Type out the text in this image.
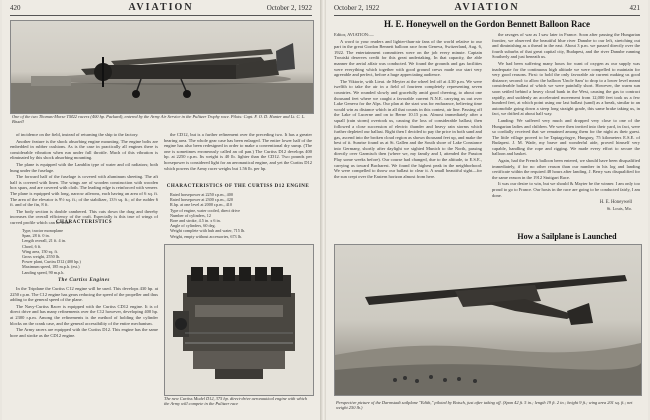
420	AVIATION	October 2, 1922
One of the two Thomas-Morse TM22 racers (400 hp. Packard), entered by the Army Air Service in the Pulitzer Trophy race. Pilots: Capt. F. O. D. Hunter and Lt. C. L. Bissell

of incidence on the field, instead of returning the ship to the factory.

Another feature is the shock absorbing engine mounting. The engine bolts are embedded in rubber cushions. As is the case in practically all engines there is considerable vibration when run under full throttle. Much of this vibration is eliminated by this shock absorbing mounting.

The plane is equipped with the Lamblin type of water and oil radiators; both hung under the fuselage.

The forward half of the fuselage is covered with aluminum sheeting. The aft half is covered with linen. The wings are of wooden construction with wooden box spars, and are covered with cloth. The leading edge is reinforced with veneer. The plane is equipped with long, narrow ailerons, each having an area of 6 sq. ft. The area of the elevator is 9½ sq. ft.; of the stabilizer, 13½ sq. ft.; of the rudder 6 ft. and of the fin, 8 ft.

The body section is double cambered. This cuts down the drag and thereby increases the overall efficiency of the craft. Especially is this true of wings of curved profile which can be seen.

CHARACTERISTICS
Type, tractor monoplane
Span, 28 ft. 0 in.
Length overall, 21 ft. 4 in.
Chord, 6 ft.
Wing area, 150 sq. ft.
Gross weight, 2550 lb.
Power plant, Curtiss D12 (400 hp.)
Maximum speed, 185 m.p.h. (est.)
Landing speed, 90 m.p.h.
The Curtiss Engines

In the Tripdane the Curtiss C12 engine will be used. This develops 430 hp. at 2250 r.p.m. The C12 engine has gears reducing the speed of the propeller and thus adding to the general speed of the plane.

The Navy-Curtiss Racer is equipped with the Curtiss CD12 engine. It is of direct drive and has many refinements over the C12 however, developing 400 hp. at 2300 r.p.m. Among the refinements is the method of holding the cylinder blocks on the crank case, and the general accessibility of the entire mechanism.

The Army racers are equipped with the Curtiss D12. This engine has the same bore and stroke as the CD12 engine.

the CD12, but is a further refinement over the preceding two. It has a greater bearing area. The whole gear case has been enlarged. The entire lower half of the engine has also been redesigned in order to make a conventional dry sump. (The one is sometimes erroneously called an oil pan.) The Curtiss D12 develops 400 hp. at 2250 r.p.m. Its weight is 40 lb. lighter than the CD12. Two pounds per horsepower is considered light for an aeronautical engine, and yet the Curtiss D12 which powers the Army racer weighs but 1.56 lb. per hp.

CHARACTERISTICS OF THE CURTISS D12 ENGINE
Rated horsepower at 2250 r.p.m., 400
Rated horsepower at 2300 r.p.m., 420
R.hp. at one level at 2000 r.p.m., 410
Type of engine, water cooled, direct drive
Number of cylinders, 12
Bore and stroke, 4.5 in. x 6 in.
Angle of cylinders, 60 deg.
Weight complete with hub and water, 715 lb.
Weight, empty without accessories, 673 lb.
The new Curtiss Model D12, 375 hp. direct-drive aeronautical engine with which the Army will compete in the Pulitzer race
October 2, 1922	AVIATION	421
H. E. Honeywell on the Gordon Bennett Balloon Race

Editor, AVIATION:—

A word to your readers and lighter-than-air fans of the world relative to our part in the great Gordon Bennett balloon race from Geneva, Switzerland, Aug. 6, 1922. The entertainment committees were on the job every minute. Captain Troutski deserves credit for this great undertaking. In that capacity, the able manner the aerial affair was conducted. We found the grounds and gas facilities were everything which together with good ground crews made our start very agreeable and perfect, before a huge appreciating audience.

The Viktorie, with Lieut. de Meyter at the wheel led off at 4.30 p.m. We were twelfth to take the air in a field of fourteen completely representing seven countries. We rounded slowly and gracefully amid good cheering, to about one thousand feet where we caught a favorable current N.N.E. carrying us out over Lake Geneva for the Alps. Our plan at the start was for endurance, believing time would win as distance which in all that counts in this contest, air line. Passing off the Lake of Lucerne and on to Berne 10.15 p.m. Almost immediately after a squall (rain storm) overtook us, causing the loss of considerable ballast; then followed a close succession of electric thunder and heavy rain storms which further depleted our ballast. Right then I decided to pay the price in both sand and gas, ascend into the broken cloud region as shown thousand feet up, and make the best of it. Sunrise found us at St. Gallen and the South shore of Lake Constance into Germany, shortly after daylight we sighted Munich to the North, passing directly over Garmisch then (where we, my family and I, attended the Passion Play some weeks before). Our course had changed, due to the altitude, to E.S.E., carrying us toward Bucharest. We found the highest peak in the neighborhood. We were compelled to throw our ballast to clear it. A small beautiful sight—for the sun crept over the Eastern horizon almost from here.

the ravages of war as I saw later in France. Soon after passing the Hungarian frontier, we observed the beautiful blue river Danube to our left, stretching out and diminishing as a thread in the east. About 3 p.m. we passed directly over the fourth suburbs of that great capital city, Budapest, and the river Danube running Southerly and just beneath us.

We had been suffering many hours for want of oxygen as our supply was inadequate for the continuous high altitude we were compelled to maintain for very good reasons. First: to hold the only favorable air current making us good distance; second: to allow the balloon 'Uncle Sam' to drop to a lower level meant considerable ballast of which we were painfully short. However, the warm sun soon settled behind a heavy cloud bank in the West, causing the gas to contract rapidly, and suddenly an accelerated movement from 12,000 feet took us a few hundred feet, at which point using our last ballast (sand) as a break, similar to an automobile going down a steep long straight grade, this same brake taking us, in fact, we drifted at about half way.

Landing: We suffered very much and dropped very close to one of the Hungarian ladies and children. We were then invited into their yard, in fact, were so cordially received that we remained among them for the night as their guest. The little village proved to be Tapiagyörgye, Hungary, 75 kilometers E.S.E. of Budapest. J. M. Wade, my brave and wonderful aide, proved himself very capable, handling the rope and rigging. We made every effort to secure the balloon and basket.

Again, had the French balloon been entered, we should have been disqualified immediately, if for no other reason than our number in his log and landing certificate within the required 48 hours after landing. J. Berry was disqualified for the same reason in the 1912 Stuttgart Race.

It was our desire to win, but we should & Mayter be the winner. I am only too proud to go to France. Our hosts in the race are going to be conducted fairly, I am done.

H. E. Honeywell
St. Louis, Mo.
How a Sailplane is Launched
Perspective picture of the Darmstadt sailplane "Edith," piloted by Botsch, just after taking off. (Span 42 ft. 5 in.; length 19 ft. 2 in.; height 9 ft.; wing area 201 sq. ft.; net weight 250 lb.)
